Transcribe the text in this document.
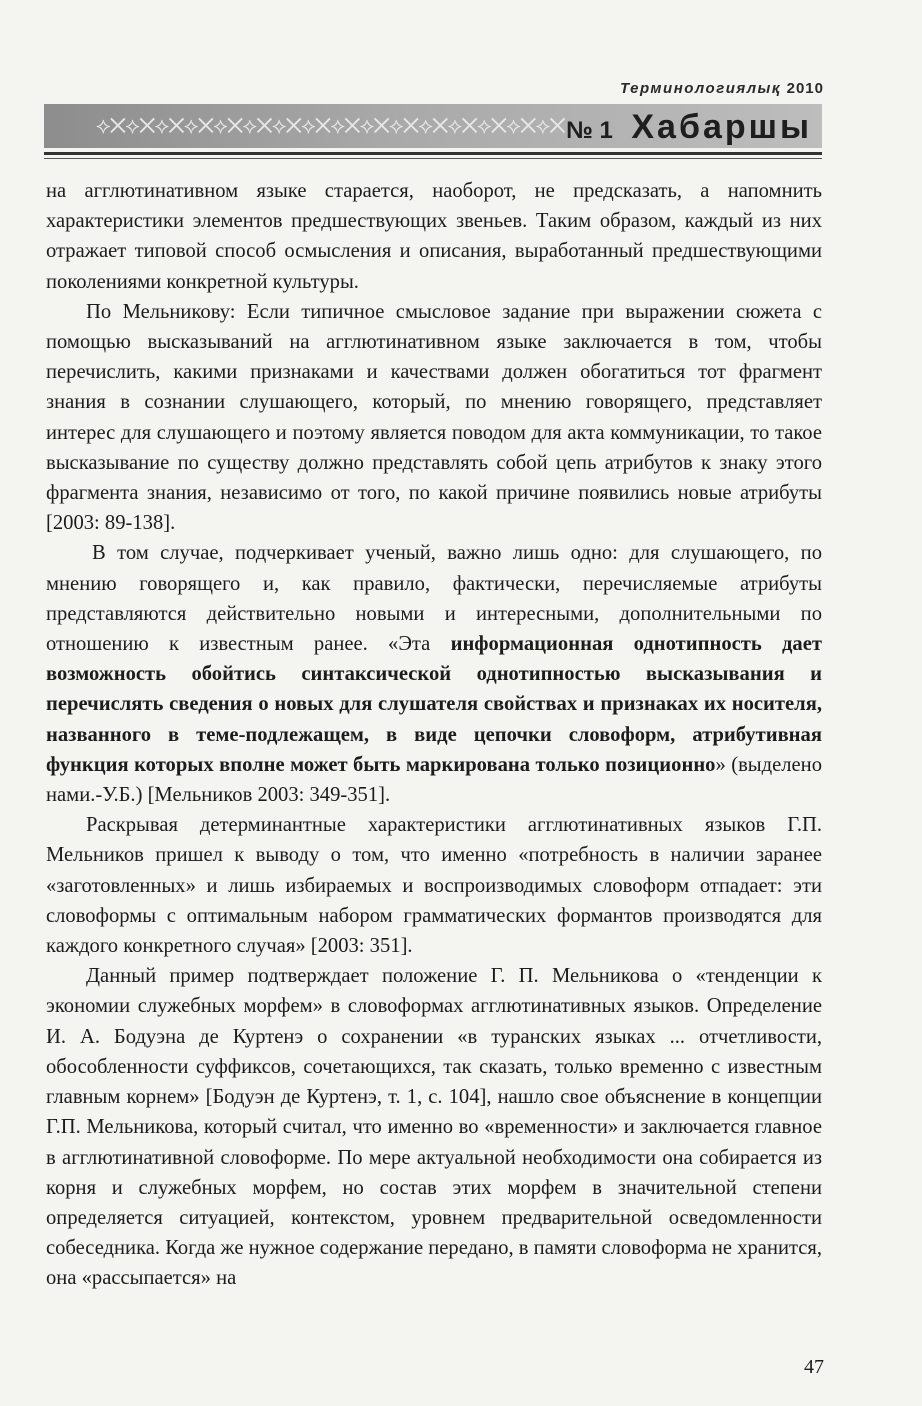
Терминологиялық 2010
⟡✕⟡✕⟡✕⟡✕⟡✕⟡✕⟡✕⟡✕⟡✕⟡✕⟡✕⟡✕⟡✕⟡✕⟡✕⟡✕ № 1 Хабаршы

на агглютинативном языке старается, наоборот, не предсказать, а напомнить характеристики элементов предшествующих звеньев. Таким образом, каждый из них отражает типовой способ осмысления и описания, выработанный предшествующими поколениями конкретной культуры.

По Мельникову: Если типичное смысловое задание при выражении сюжета с помощью высказываний на агглютинативном языке заключается в том, чтобы перечислить, какими признаками и качествами должен обогатиться тот фрагмент знания в сознании слушающего, который, по мнению говорящего, представляет интерес для слушающего и поэтому является поводом для акта коммуникации, то такое высказывание по существу должно представлять собой цепь атрибутов к знаку этого фрагмента знания, независимо от того, по какой причине появились новые атрибуты [2003: 89-138].

В том случае, подчеркивает ученый, важно лишь одно: для слушающего, по мнению говорящего и, как правило, фактически, перечисляемые атрибуты представляются действительно новыми и интересными, дополнительными по отношению к известным ранее. «Эта информационная однотипность дает возможность обойтись синтаксической однотипностью высказывания и перечислять сведения о новых для слушателя свойствах и признаках их носителя, названного в теме-подлежащем, в виде цепочки словоформ, атрибутивная функция которых вполне может быть маркирована только позиционно» (выделено нами.-У.Б.) [Мельников 2003: 349-351].

Раскрывая детерминантные характеристики агглютинативных языков Г.П. Мельников пришел к выводу о том, что именно «потребность в наличии заранее «заготовленных» и лишь избираемых и воспроизводимых словоформ отпадает: эти словоформы с оптимальным набором грамматических формантов производятся для каждого конкретного случая» [2003: 351].

Данный пример подтверждает положение Г. П. Мельникова о «тенденции к экономии служебных морфем» в словоформах агглютинативных языков. Определение И. А. Бодуэна де Куртенэ о сохранении «в туранских языках ... отчетливости, обособленности суффиксов, сочетающихся, так сказать, только временно с известным главным корнем» [Бодуэн де Куртенэ, т. 1, с. 104], нашло свое объяснение в концепции Г.П. Мельникова, который считал, что именно во «временности» и заключается главное в агглютинативной словоформе. По мере актуальной необходимости она собирается из корня и служебных морфем, но состав этих морфем в значительной степени определяется ситуацией, контекстом, уровнем предварительной осведомленности собеседника. Когда же нужное содержание передано, в памяти словоформа не хранится, она «рассыпается» на

47
